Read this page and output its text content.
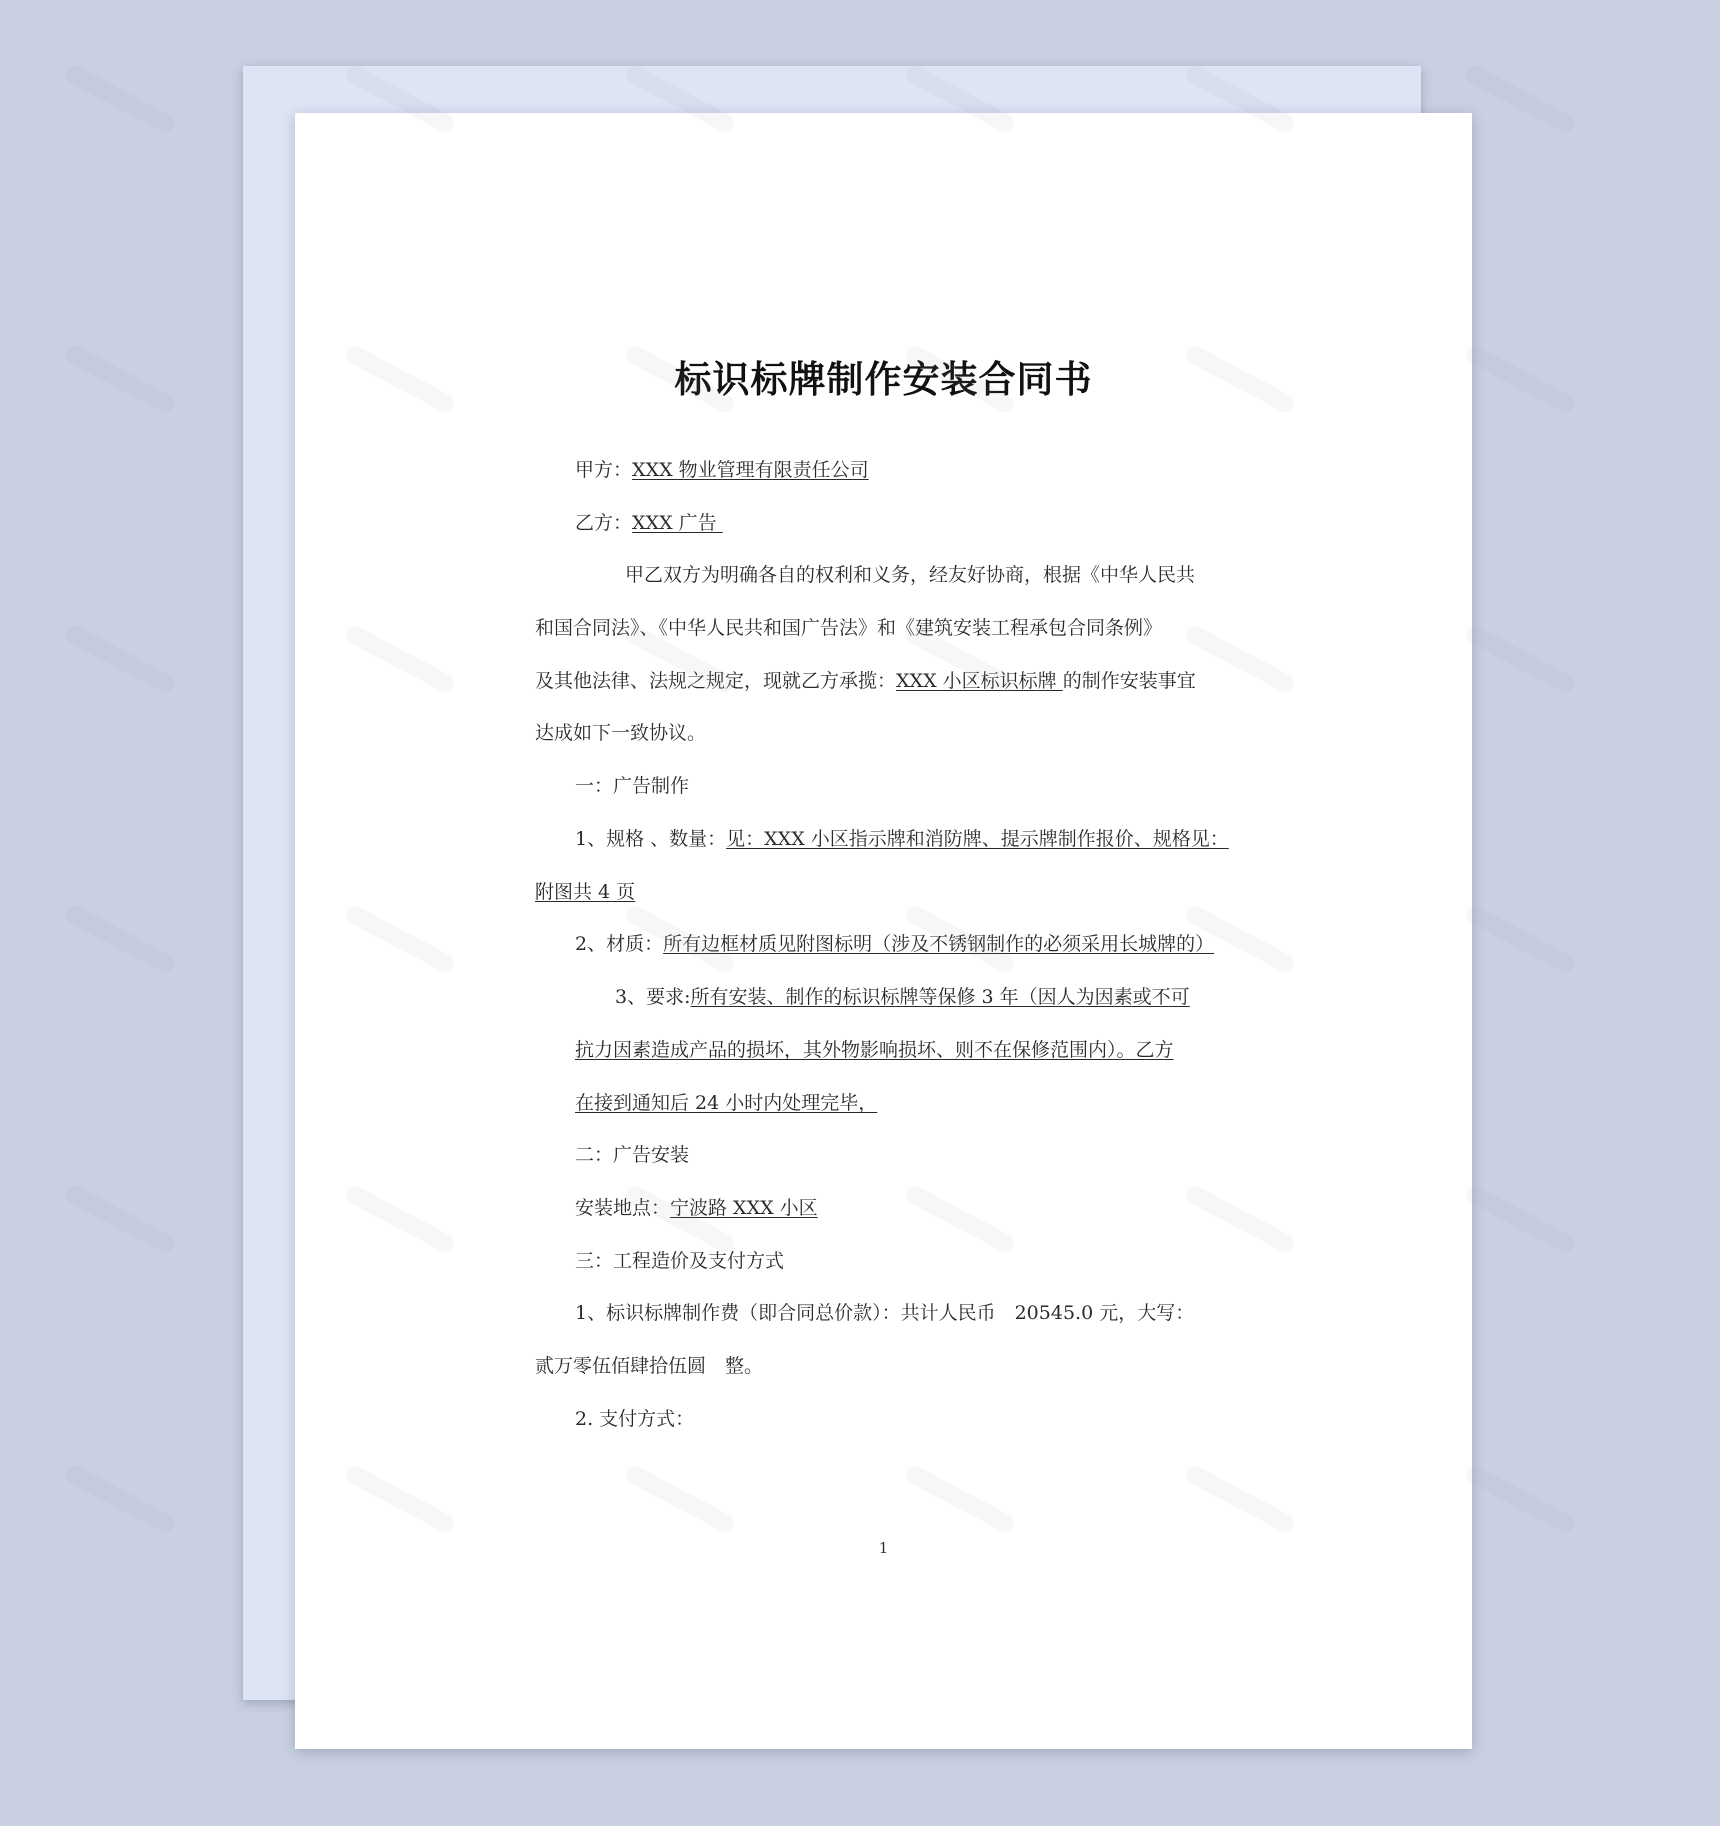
标识标牌制作安装合同书
甲方：XXX 物业管理有限责任公司
乙方：XXX 广告
甲乙双方为明确各自的权利和义务，经友好协商，根据《中华人民共
和国合同法》、《中华人民共和国广告法》和《建筑安装工程承包合同条例》
及其他法律、法规之规定，现就乙方承揽：XXX 小区标识标牌 的制作安装事宜
达成如下一致协议。
一：广告制作
1、规格 、数量：见：XXX 小区指示牌和消防牌、提示牌制作报价、规格见：
附图共 4 页
2、材质：所有边框材质见附图标明（涉及不锈钢制作的必须采用长城牌的）
3、要求:所有安装、制作的标识标牌等保修 3 年（因人为因素或不可
抗力因素造成产品的损坏，其外物影响损坏、则不在保修范围内）。乙方
在接到通知后 24 小时内处理完毕，
二：广告安装
安装地点：宁波路 XXX 小区
三：工程造价及支付方式
1、标识标牌制作费（即合同总价款）：共计人民币　20545.0 元，大写：
贰万零伍佰肆拾伍圆　整。
2. 支付方式：
1
